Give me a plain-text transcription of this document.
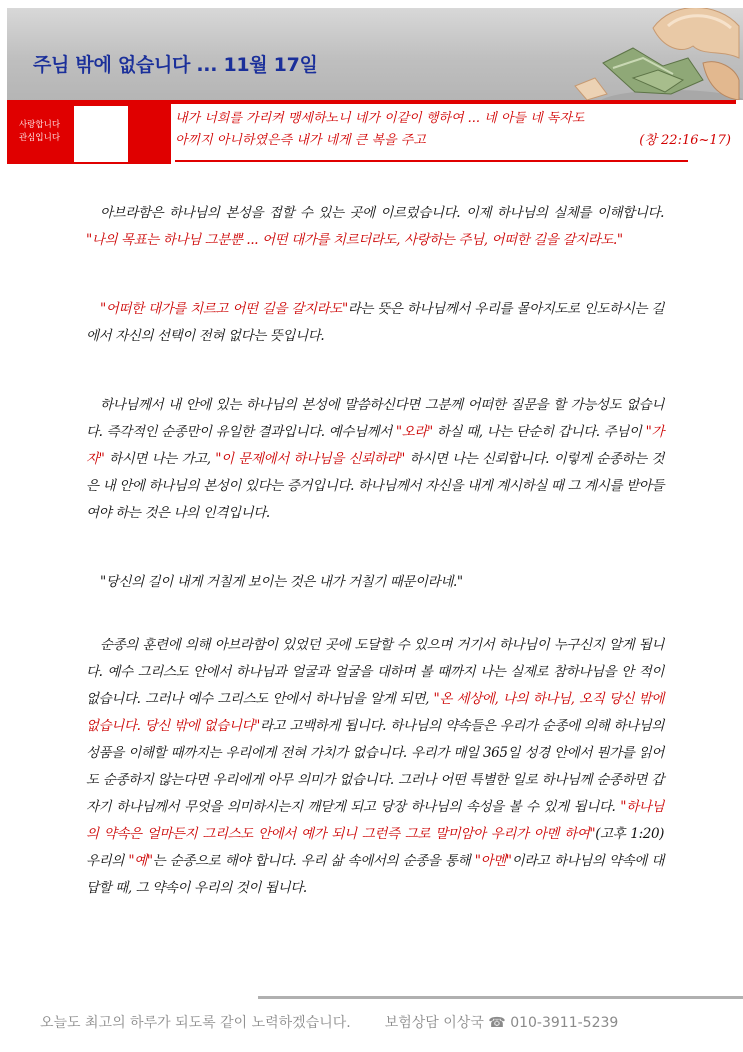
주님 밖에 없습니다 ... 11월 17일
사랑합니다
관심입니다
내가 너희를 가리켜 맹세하노니 네가 이같이 행하여 ... 네 아들 네 독자도
아끼지 아니하였은즉 내가 네게 큰 복을 주고	(창 22:16~17)

아브라함은 하나님의 본성을 접할 수 있는 곳에 이르렀습니다. 이제 하나님의 실체를 이해합니다. "나의 목표는 하나님 그분뿐 ... 어떤 대가를 치르더라도, 사랑하는 주님, 어떠한 길을 갈지라도."

"어떠한 대가를 치르고 어떤 길을 갈지라도"라는 뜻은 하나님께서 우리를 몰아지도로 인도하시는 길에서 자신의 선택이 전혀 없다는 뜻입니다.

하나님께서 내 안에 있는 하나님의 본성에 말씀하신다면 그분께 어떠한 질문을 할 가능성도 없습니다. 즉각적인 순종만이 유일한 결과입니다. 예수님께서 "오라" 하실 때, 나는 단순히 갑니다. 주님이 "가자" 하시면 나는 가고, "이 문제에서 하나님을 신뢰하라" 하시면 나는 신뢰합니다. 이렇게 순종하는 것은 내 안에 하나님의 본성이 있다는 증거입니다. 하나님께서 자신을 내게 계시하실 때 그 계시를 받아들여야 하는 것은 나의 인격입니다.

"당신의 길이 내게 거칠게 보이는 것은 내가 거칠기 때문이라네."

순종의 훈련에 의해 아브라함이 있었던 곳에 도달할 수 있으며 거기서 하나님이 누구신지 알게 됩니다. 예수 그리스도 안에서 하나님과 얼굴과 얼굴을 대하며 볼 때까지 나는 실제로 참하나님을 안 적이 없습니다. 그러나 예수 그리스도 안에서 하나님을 알게 되면, "온 세상에, 나의 하나님, 오직 당신 밖에 없습니다. 당신 밖에 없습니다"라고 고백하게 됩니다. 하나님의 약속들은 우리가 순종에 의해 하나님의 성품을 이해할 때까지는 우리에게 전혀 가치가 없습니다. 우리가 매일 365일 성경 안에서 뭔가를 읽어도 순종하지 않는다면 우리에게 아무 의미가 없습니다. 그러나 어떤 특별한 일로 하나님께 순종하면 갑자기 하나님께서 무엇을 의미하시는지 깨닫게 되고 당장 하나님의 속성을 볼 수 있게 됩니다. "하나님의 약속은 얼마든지 그리스도 안에서 예가 되니 그런즉 그로 말미암아 우리가 아멘 하여"(고후 1:20) 우리의 "예"는 순종으로 해야 합니다. 우리 삶 속에서의 순종을 통해 "아멘"이라고 하나님의 약속에 대답할 때, 그 약속이 우리의 것이 됩니다.

오늘도 최고의 하루가 되도록 같이 노력하겠습니다. 보험상담 이상국 ☎ 010-3911-5239
